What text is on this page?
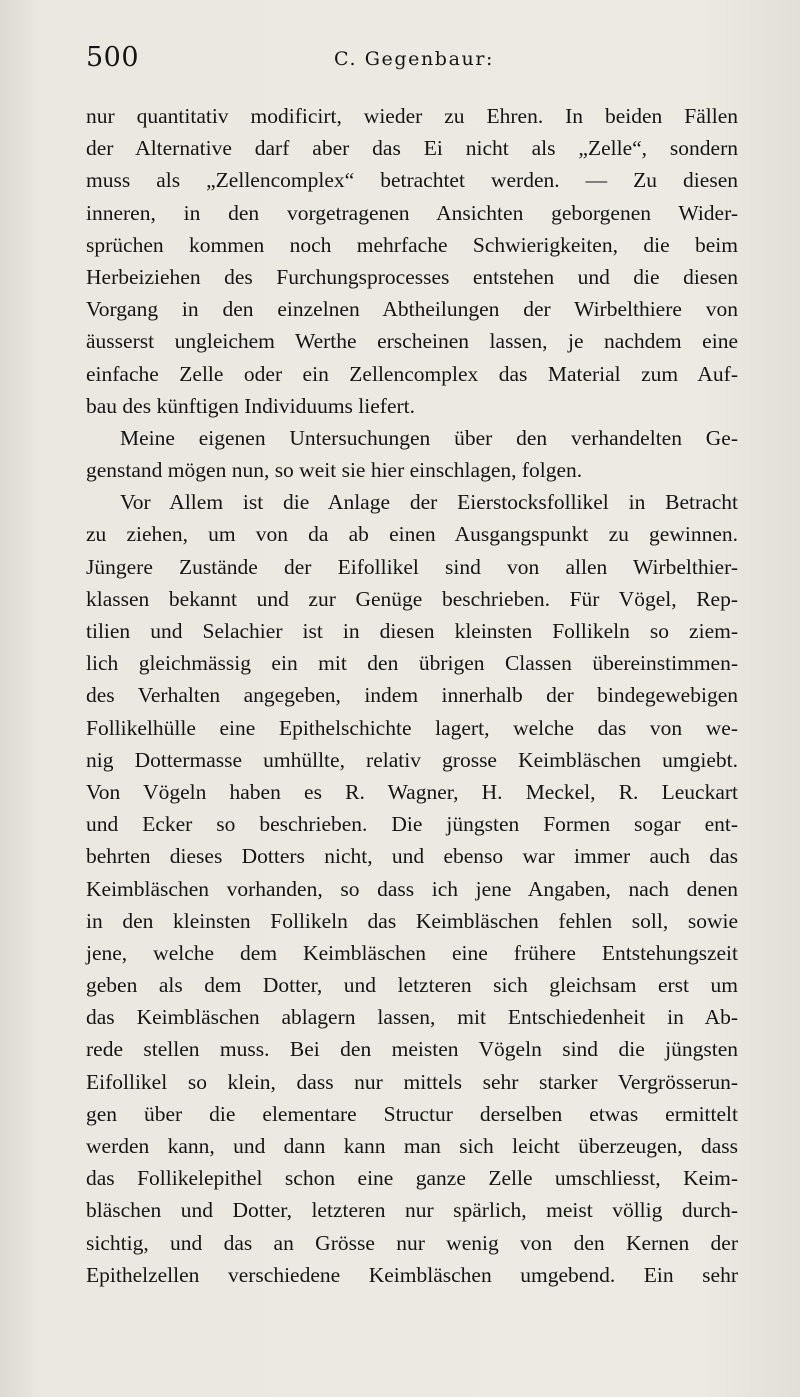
500	C. Gegenbaur:
nur quantitativ modificirt, wieder zu Ehren. In beiden Fällen
der Alternative darf aber das Ei nicht als „Zelle“, sondern
muss als „Zellencomplex“ betrachtet werden. — Zu diesen
inneren, in den vorgetragenen Ansichten geborgenen Wider-
sprüchen kommen noch mehrfache Schwierigkeiten, die beim
Herbeiziehen des Furchungsprocesses entstehen und die diesen
Vorgang in den einzelnen Abtheilungen der Wirbelthiere von
äusserst ungleichem Werthe erscheinen lassen, je nachdem eine
einfache Zelle oder ein Zellencomplex das Material zum Auf-
bau des künftigen Individuums liefert.
Meine eigenen Untersuchungen über den verhandelten Ge-
genstand mögen nun, so weit sie hier einschlagen, folgen.
Vor Allem ist die Anlage der Eierstocksfollikel in Betracht
zu ziehen, um von da ab einen Ausgangspunkt zu gewinnen.
Jüngere Zustände der Eifollikel sind von allen Wirbelthier-
klassen bekannt und zur Genüge beschrieben. Für Vögel, Rep-
tilien und Selachier ist in diesen kleinsten Follikeln so ziem-
lich gleichmässig ein mit den übrigen Classen übereinstimmen-
des Verhalten angegeben, indem innerhalb der bindegewebigen
Follikelhülle eine Epithelschichte lagert, welche das von we-
nig Dottermasse umhüllte, relativ grosse Keimbläschen umgiebt.
Von Vögeln haben es R. Wagner, H. Meckel, R. Leuckart
und Ecker so beschrieben. Die jüngsten Formen sogar ent-
behrten dieses Dotters nicht, und ebenso war immer auch das
Keimbläschen vorhanden, so dass ich jene Angaben, nach denen
in den kleinsten Follikeln das Keimbläschen fehlen soll, sowie
jene, welche dem Keimbläschen eine frühere Entstehungszeit
geben als dem Dotter, und letzteren sich gleichsam erst um
das Keimbläschen ablagern lassen, mit Entschiedenheit in Ab-
rede stellen muss. Bei den meisten Vögeln sind die jüngsten
Eifollikel so klein, dass nur mittels sehr starker Vergrösserun-
gen über die elementare Structur derselben etwas ermittelt
werden kann, und dann kann man sich leicht überzeugen, dass
das Follikelepithel schon eine ganze Zelle umschliesst, Keim-
bläschen und Dotter, letzteren nur spärlich, meist völlig durch-
sichtig, und das an Grösse nur wenig von den Kernen der
Epithelzellen verschiedene Keimbläschen umgebend. Ein sehr
